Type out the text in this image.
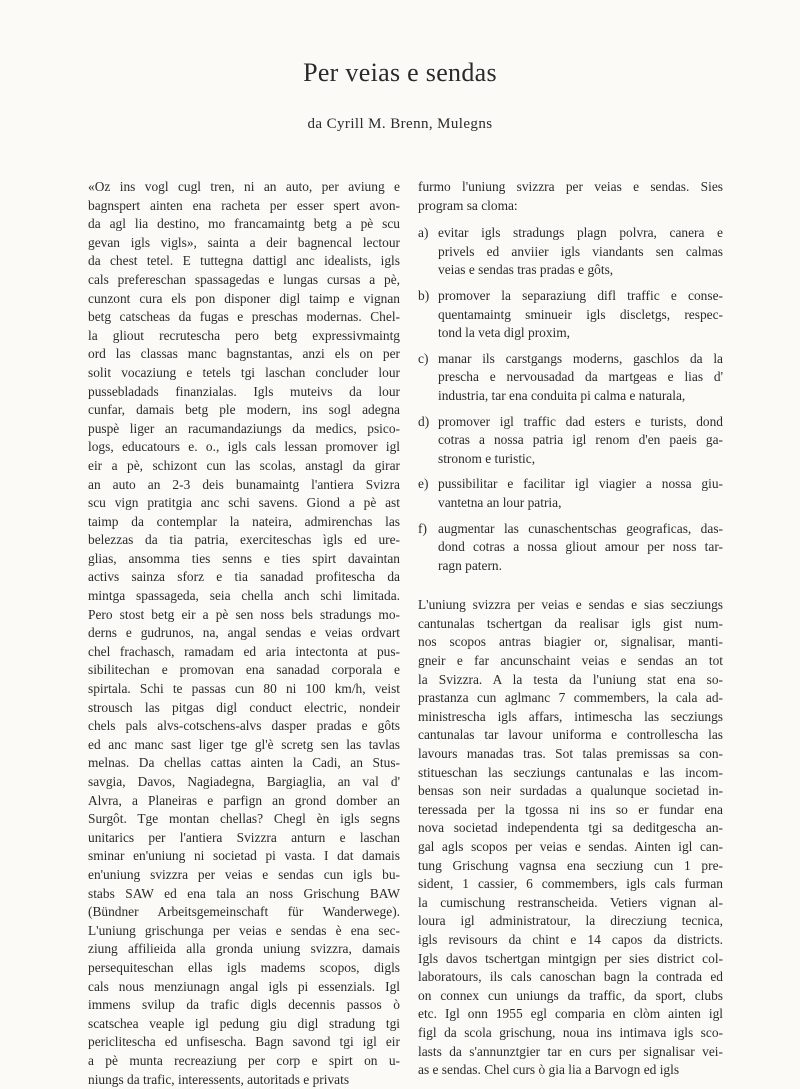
Per veias e sendas
da Cyrill M. Brenn, Mulegns
«Oz ins vogl cugl tren, ni an auto, per aviung e
bagnspert ainten ena racheta per esser spert avon-
da agl lia destino, mo francamaintg betg a pè scu
gevan igls vigls», sainta a deir bagnencal lectour
da chest tetel. E tuttegna dattigl anc idealists, igls
cals prefereschan spassagedas e lungas cursas a pè,
cunzont cura els pon disponer digl taimp e vignan
betg catscheas da fugas e preschas modernas. Chel-
la gliout recrutescha pero betg expressivmaintg
ord las classas manc bagnstantas, anzi els on per
solit vocaziung e tetels tgi laschan concluder lour
pussebladads finanzialas. Igls muteivs da lour
cunfar, damais betg ple modern, ins sogl adegna
puspè liger an racumandaziungs da medics, psico-
logs, educatours e. o., igls cals lessan promover igl
eir a pè, schizont cun las scolas, anstagl da girar
an auto an 2-3 deis bunamaintg l'antiera Svizra
scu vign pratitgia anc schi savens. Giond a pè ast
taimp da contemplar la nateira, admirenchas las
belezzas da tia patria, exerciteschas ìgls ed ure-
glias, ansomma ties senns e ties spirt davaintan
activs sainza sforz e tia sanadad profitescha da
mintga spassageda, seia chella anch schi limitada.
Pero stost betg eir a pè sen noss bels stradungs mo-
derns e gudrunos, na, angal sendas e veias ordvart
chel frachasch, ramadam ed aria intectonta at pus-
sibilitechan e promovan ena sanadad corporala e
spirtala. Schi te passas cun 80 ni 100 km/h, veist
strousch las pitgas digl conduct electric, nondeir
chels pals alvs-cotschens-alvs dasper pradas e gôts
ed anc manc sast liger tge gl'è scretg sen las tavlas
melnas. Da chellas cattas ainten la Cadi, an Stus-
savgia, Davos, Nagiadegna, Bargiaglia, an val d'
Alvra, a Planeiras e parfign an grond domber an
Surgôt. Tge montan chellas? Chegl èn igls segns
unitarics per l'antiera Svizzra anturn e laschan
sminar en'uniung ni societad pi vasta. I dat damais
en'uniung svizzra per veias e sendas cun igls bu-
stabs SAW ed ena tala an noss Grischung BAW
(Bündner Arbeitsgemeinschaft für Wanderwege).
L'uniung grischunga per veias e sendas è ena sec-
ziung affilieida alla gronda uniung svizzra, damais
persequiteschan ellas igls madems scopos, digls
cals nous menziunagn angal igls pi essenzials. Igl
immens svilup da trafic digls decennis passos ò
scatschea veaple igl pedung giu digl stradung tgi
periclitescha ed unfisescha. Bagn savond tgi igl eir
a pè munta recreaziung per corp e spirt on u-
niungs da trafic, interessents, autoritads e privats
furmo l'uniung svizzra per veias e sendas. Sies
program sa cloma:
a) evitar igls stradungs plagn polvra, canera e
privels ed anviier igls viandants sen calmas
veias e sendas tras pradas e gôts,
b) promover la separaziung difl traffic e conse-
quentamaintg sminueir igls discletgs, respec-
tond la veta digl proxim,
c) manar ils carstgangs moderns, gaschlos da la
prescha e nervousadad da martgeas e lias d'
industria, tar ena conduita pi calma e naturala,
d) promover igl traffic dad esters e turists, dond
cotras a nossa patria igl renom d'en paeis ga-
stronom e turistic,
e) pussibilitar e facilitar igl viagier a nossa giu-
vantetna an lour patria,
f) augmentar las cunaschentschas geograficas, das-
dond cotras a nossa gliout amour per noss tar-
ragn patern.
L'uniung svizzra per veias e sendas e sias secziungs
cantunalas tschertgan da realisar igls gist num-
nos scopos antras biagier or, signalisar, manti-
gneir e far ancunschaint veias e sendas an tot
la Svizzra. A la testa da l'uniung stat ena so-
prastanza cun aglmanc 7 commembers, la cala ad-
ministrescha igls affars, intimescha las secziungs
cantunalas tar lavour uniforma e controllescha las
lavours manadas tras. Sot talas premissas sa con-
stitueschan las secziungs cantunalas e las incom-
bensas son neir surdadas a qualunque societad in-
teressada per la tgossa ni ins so er fundar ena
nova societad independenta tgi sa deditgescha an-
gal agls scopos per veias e sendas. Ainten igl can-
tung Grischung vagnsa ena secziung cun 1 pre-
sident, 1 cassier, 6 commembers, igls cals furman
la cumischung restranscheida. Vetiers vignan al-
loura igl administratour, la direcziung tecnica,
igls revisours da chint e 14 capos da districts.
Igls davos tschertgan mintgign per sies district col-
laboratours, ils cals canoschan bagn la contrada ed
on connex cun uniungs da traffic, da sport, clubs
etc. Igl onn 1955 egl comparia en clòm ainten igl
figl da scola grischung, noua ins intimava igls sco-
lasts da s'annunztgier tar en curs per signalisar vei-
as e sendas. Chel curs ò gia lia a Barvogn ed igls
